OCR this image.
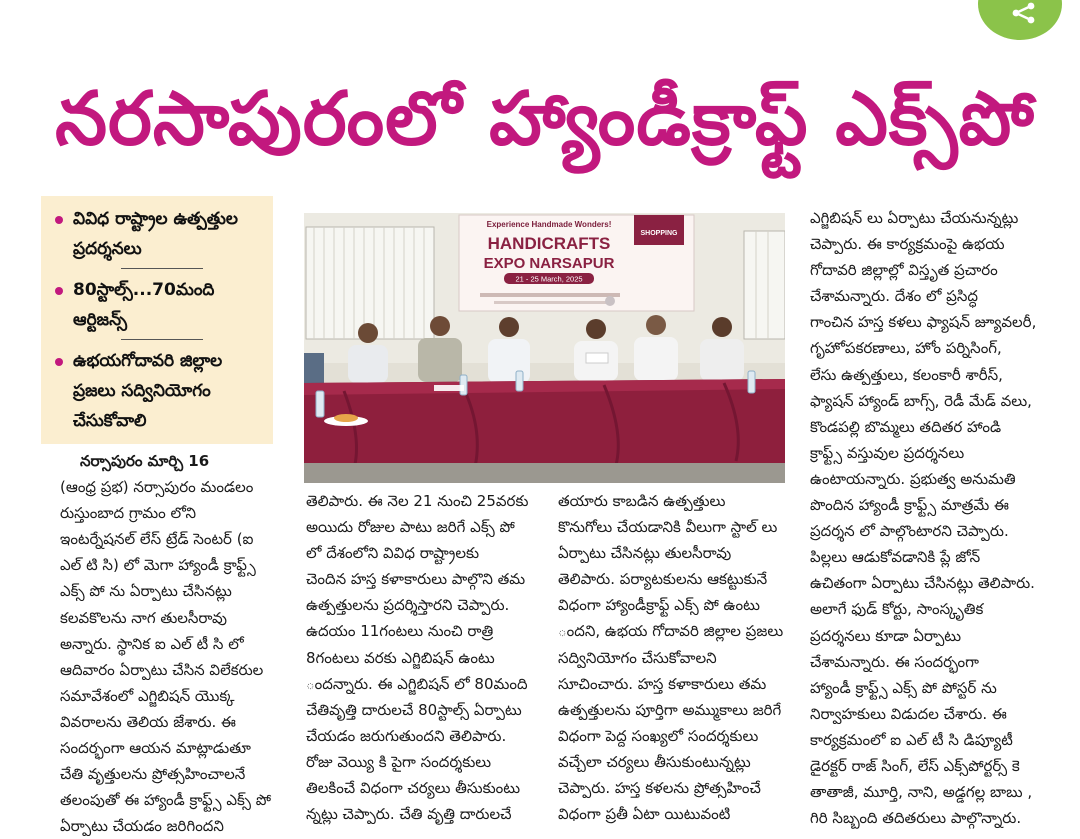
నరసాపురంలో హ్యాండీక్రాఫ్ట్ ఎక్స్‌పో
వివిధ రాష్ట్రాల ఉత్పత్తుల ప్రదర్శనలు
80స్టాల్స్...70మంది ఆర్టిజన్స్
ఉభయగోదావరి జిల్లాల ప్రజలు సద్వినియోగం చేసుకోవాలి
Experience Handmade Wonders!
HANDICRAFTS
EXPO NARSAPUR
21 - 25 March, 2025
SHOPPING
నర్సాపురం మార్చి 16
(ఆంధ్ర ప్రభ) నర్సాపురం మండలం
రుస్తుంబాద గ్రామం లోని
ఇంటర్నేషనల్ లేస్ ట్రేడ్ సెంటర్ (ఐ
ఎల్ టి సి) లో మెగా హ్యాండీ క్రాఫ్ట్స్
ఎక్స్ పో ను ఏర్పాటు చేసినట్లు
కలవకొలను నాగ తులసీరావు
అన్నారు. స్థానిక ఐ ఎల్ టీ సి లో
ఆదివారం ఏర్పాటు చేసిన విలేకరుల
సమావేశంలో ఎగ్జిబిషన్ యొక్క
వివరాలను తెలియ జేశారు. ఈ
సందర్భంగా ఆయన మాట్లాడుతూ
చేతి వృత్తులను ప్రోత్సహించాలనే
తలంపుతో ఈ హ్యాండీ క్రాఫ్ట్స్ ఎక్స్ పో
ఏర్పాటు చేయడం జరిగిందని
తెలిపారు. ఈ నెల 21 నుంచి 25వరకు
అయిదు రోజుల పాటు జరిగే ఎక్స్ పో
లో దేశంలోని వివిధ రాష్ట్రాలకు
చెందిన హస్త కళాకారులు పాల్గొని తమ
ఉత్పత్తులను ప్రదర్శిస్తారని చెప్పారు.
ఉదయం 11గంటలు నుంచి రాత్రి
8గంటలు వరకు ఎగ్జిబిషన్ ఉంటు
ందన్నారు. ఈ ఎగ్జిబిషన్ లో 80మంది
చేతివృత్తి దారులచే 80స్టాల్స్ ఏర్పాటు
చేయడం జరుగుతుందని తెలిపారు.
రోజు వెయ్యి కి పైగా సందర్శకులు
తిలకించే విధంగా చర్యలు తీసుకుంటు
న్నట్లు చెప్పారు. చేతి వృత్తి దారులచే
తయారు కాబడిన ఉత్పత్తులు
కొనుగోలు చేయడానికి వీలుగా స్టాల్ లు
ఏర్పాటు చేసినట్లు తులసీరావు
తెలిపారు. పర్యాటకులను ఆకట్టుకునే
విధంగా హ్యాండీక్రాఫ్ట్ ఎక్స్ పో ఉంటు
ందని, ఉభయ గోదావరి జిల్లాల ప్రజలు
సద్వినియోగం చేసుకోవాలని
సూచించారు. హస్త కళాకారులు తమ
ఉత్పత్తులను పూర్తిగా అమ్ముకాలు జరిగే
విధంగా పెద్ద సంఖ్యలో సందర్శకులు
వచ్చేలా చర్యలు తీసుకుంటున్నట్లు
చెప్పారు. హస్త కళలను ప్రోత్సహించే
విధంగా ప్రతీ ఏటా యిటువంటి
ఎగ్జిబిషన్ లు ఏర్పాటు చేయనున్నట్లు
చెప్పారు. ఈ కార్యక్రమంపై ఉభయ
గోదావరి జిల్లాల్లో విస్తృత ప్రచారం
చేశామన్నారు. దేశం లో ప్రసిద్ధ
గాంచిన హస్త కళలు ఫ్యాషన్ జ్యూవలరీ,
గృహోపకరణాలు, హోం పర్నిసింగ్,
లేసు ఉత్పత్తులు, కలంకారీ శారీస్,
ఫ్యాషన్ హ్యాండ్ బాగ్స్, రెడీ మేడ్ వలు,
కొండపల్లి బొమ్మలు తదితర హాండి
క్రాఫ్ట్స్ వస్తువుల ప్రదర్శనలు
ఉంటాయన్నారు. ప్రభుత్వ అనుమతి
పొందిన హ్యాండీ క్రాఫ్ట్స్ మాత్రమే ఈ
ప్రదర్శన లో పాల్గొంటారని చెప్పారు.
పిల్లలు ఆడుకోవడానికి ప్లే జోన్
ఉచితంగా ఏర్పాటు చేసినట్లు తెలిపారు.
అలాగే ఫుడ్ కోర్టు, సాంస్కృతిక
ప్రదర్శనలు కూడా ఏర్పాటు
చేశామన్నారు. ఈ సందర్భంగా
హ్యాండీ క్రాఫ్ట్స్ ఎక్స్ పో పోస్టర్ ను
నిర్వాహకులు విడుదల చేశారు. ఈ
కార్యక్రమంలో ఐ ఎల్ టీ సి డిప్యూటీ
డైరక్టర్ రాజ్ సింగ్, లేస్ ఎక్స్‌పోర్టర్స్ కె
తాతాజీ, మూర్తి, నాని, అడ్డగల్ల బాబు ,
గిరి సిబ్బంది తదితరులు పాల్గొన్నారు.
